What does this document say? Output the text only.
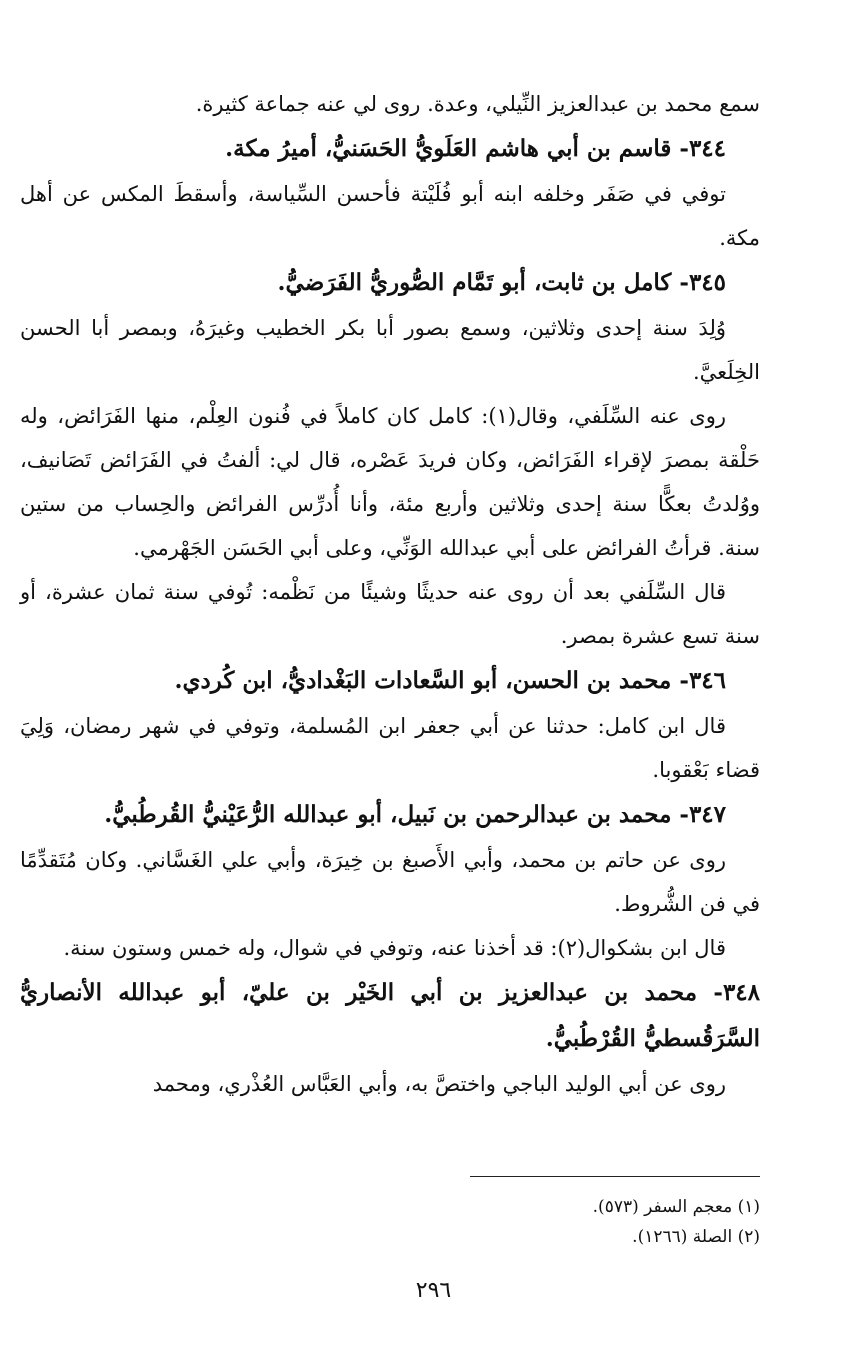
سمع محمد بن عبدالعزيز النِّيلي، وعدة. روى لي عنه جماعة كثيرة.

٣٤٤- قاسم بن أبي هاشم العَلَويُّ الحَسَنيُّ، أميرُ مكة.

توفي في صَفَر وخلفه ابنه أبو فُلَيْتة فأحسن السِّياسة، وأسقطَ المكس عن أهل مكة.

٣٤٥- كامل بن ثابت، أبو تَمَّام الصُّوريُّ الفَرَضيُّ.

وُلِدَ سنة إحدى وثلاثين، وسمع بصور أبا بكر الخطيب وغيرَهُ، وبمصر أبا الحسن الخِلَعيَّ.

روى عنه السِّلَفي، وقال(١): كامل كان كاملاً في فُنون العِلْم، منها الفَرَائض، وله حَلْقة بمصرَ لإقراء الفَرَائض، وكان فريدَ عَصْره، قال لي: ألفتُ في الفَرَائض تَصَانيف، ووُلدتُ بعكًّا سنة إحدى وثلاثين وأربع مئة، وأنا أُدرِّس الفرائض والحِساب من ستين سنة. قرأتُ الفرائض على أبي عبدالله الوَنِّي، وعلى أبي الحَسَن الجَهْرمي.

قال السِّلَفي بعد أن روى عنه حديثًا وشيئًا من نَظْمه: تُوفي سنة ثمان عشرة، أو سنة تسع عشرة بمصر.

٣٤٦- محمد بن الحسن، أبو السَّعادات البَغْداديُّ، ابن كُردي.

قال ابن كامل: حدثنا عن أبي جعفر ابن المُسلمة، وتوفي في شهر رمضان، وَلِيَ قضاء بَعْقوبا.

٣٤٧- محمد بن عبدالرحمن بن نَبيل، أبو عبدالله الرُّعَيْنيُّ القُرطُبيُّ.

روى عن حاتم بن محمد، وأبي الأَصبغ بن خِيرَة، وأبي علي الغَسَّاني. وكان مُتَقدِّمًا في فن الشُّروط.

قال ابن بشكوال(٢): قد أخذنا عنه، وتوفي في شوال، وله خمس وستون سنة.

٣٤٨- محمد بن عبدالعزيز بن أبي الخَيْر بن عليّ، أبو عبدالله الأنصاريُّ السَّرَقُسطيُّ القُرْطُبيُّ.

روى عن أبي الوليد الباجي واختصَّ به، وأبي العَبَّاس العُذْري، ومحمد

(١) معجم السفر (٥٧٣).

(٢) الصلة (١٢٦٦).

٢٩٦
